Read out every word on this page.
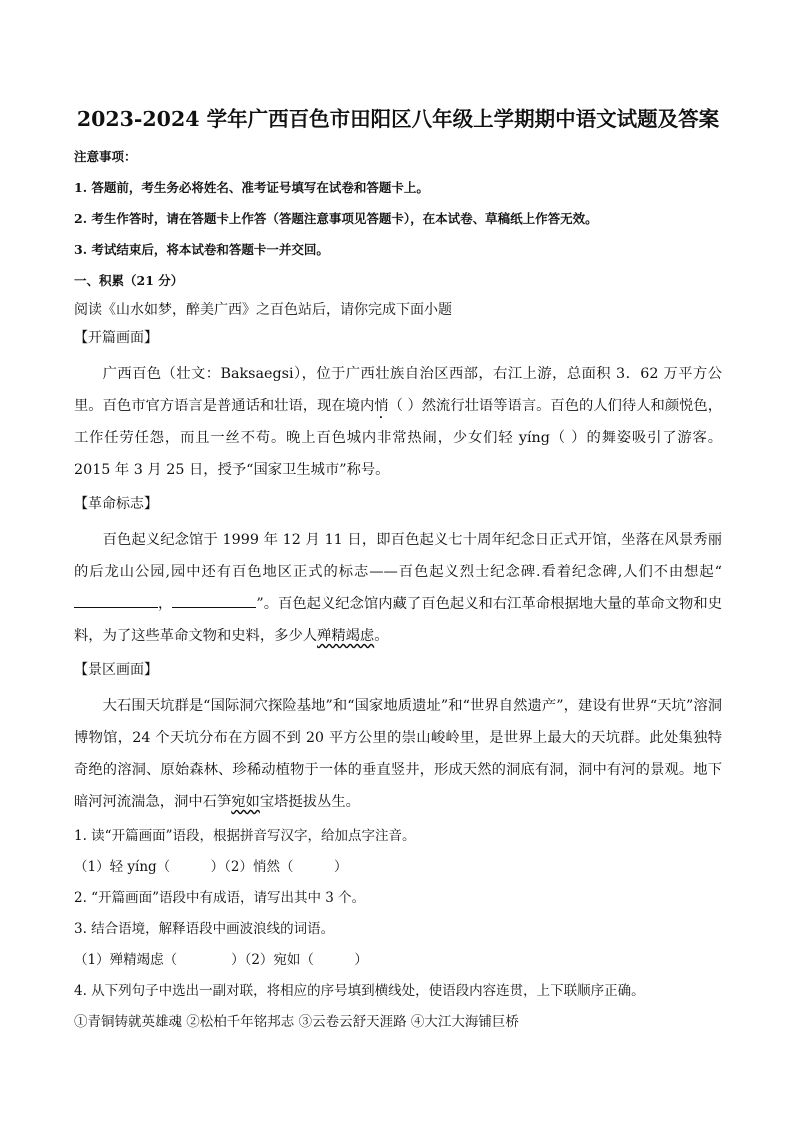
2023-2024 学年广西百色市田阳区八年级上学期期中语文试题及答案
注意事项：
1. 答题前，考生务必将姓名、准考证号填写在试卷和答题卡上。
2. 考生作答时，请在答题卡上作答（答题注意事项见答题卡），在本试卷、草稿纸上作答无效。
3. 考试结束后，将本试卷和答题卡一并交回。
一、积累（21 分）
阅读《山水如梦，醉美广西》之百色站后，请你完成下面小题
【开篇画面】

广西百色（壮文：Baksaegsi），位于广西壮族自治区西部，右江上游，总面积 3．62 万平方公里。百色市官方语言是普通话和壮语，现在境内悄（ ）然流行壮语等语言。百色的人们待人和颜悦色，工作任劳任怨，而且一丝不苟。晚上百色城内非常热闹，少女们轻 yíng（ ）的舞姿吸引了游客。2015 年 3 月 25 日，授予“国家卫生城市”称号。

【革命标志】

百色起义纪念馆于 1999 年 12 月 11 日，即百色起义七十周年纪念日正式开馆，坐落在风景秀丽的后龙山公园,园中还有百色地区正式的标志——百色起义烈士纪念碑.看着纪念碑,人们不由想起“，	”。百色起义纪念馆内藏了百色起义和右江革命根据地大量的革命文物和史料，为了这些革命文物和史料，多少人殚精竭虑。

【景区画面】

大石围天坑群是“国际洞穴探险基地”和“国家地质遗址”和“世界自然遗产”，建设有世界“天坑”溶洞博物馆，24 个天坑分布在方圆不到 20 平方公里的崇山峻岭里，是世界上最大的天坑群。此处集独特奇绝的溶洞、原始森林、珍稀动植物于一体的垂直竖井，形成天然的洞底有洞，洞中有河的景观。地下暗河河流湍急，洞中石笋宛如宝塔挺拔丛生。

1. 读“开篇画面”语段，根据拼音写汉字，给加点字注音。
（1）轻 yíng（　　　）（2）悄然（　　　）
2. “开篇画面”语段中有成语，请写出其中 3 个。
3. 结合语境，解释语段中画波浪线的词语。
（1）殚精竭虑（　　　　）（2）宛如（　　　）
4. 从下列句子中选出一副对联，将相应的序号填到横线处，使语段内容连贯，上下联顺序正确。
①青铜铸就英雄魂 ②松柏千年铭邦志 ③云卷云舒天涯路 ④大江大海铺巨桥
